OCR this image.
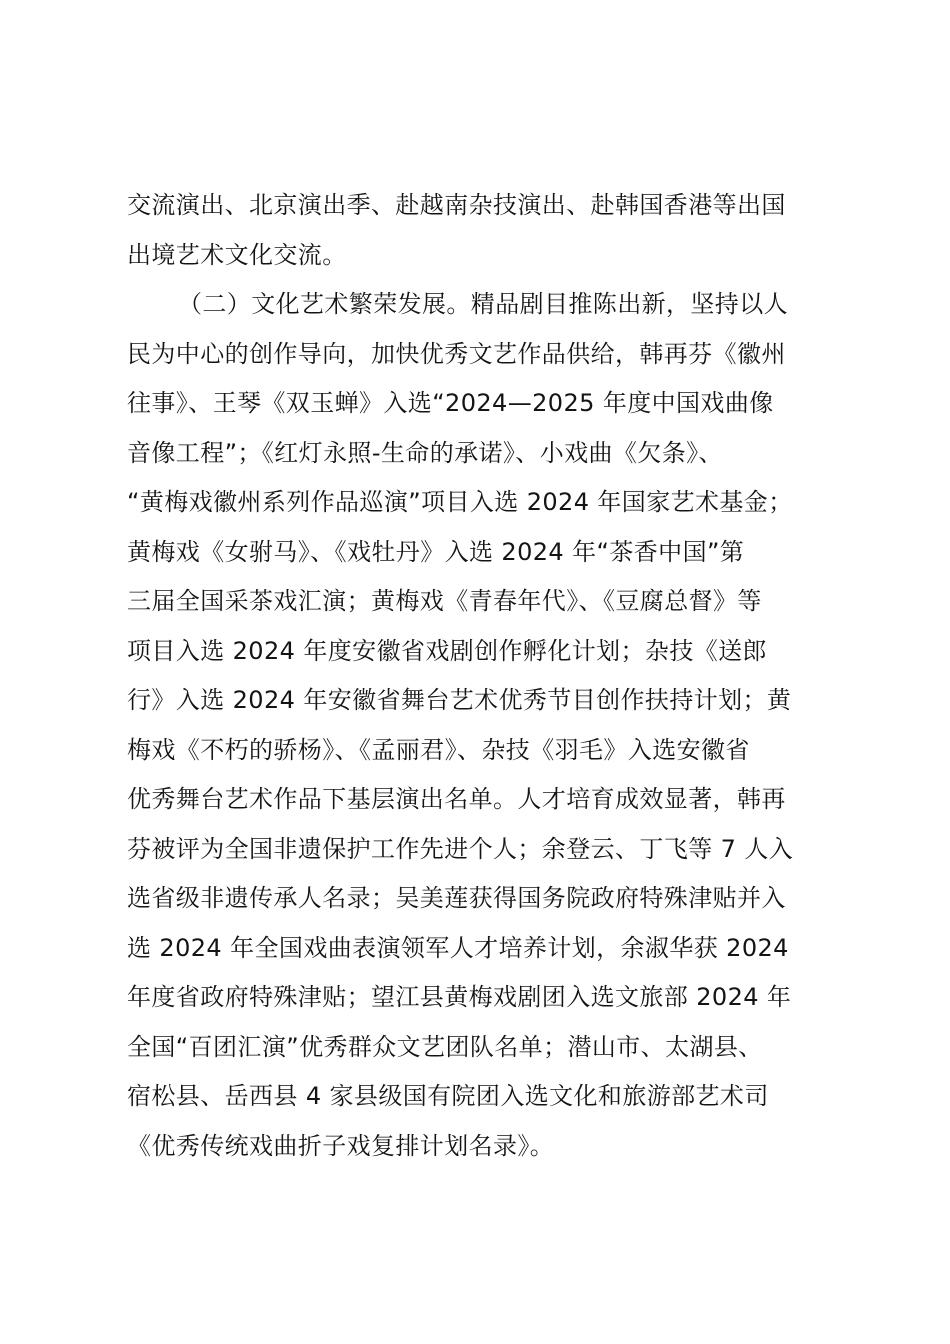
交流演出、北京演出季、赴越南杂技演出、赴韩国香港等出国
出境艺术文化交流。
（二）文化艺术繁荣发展。精品剧目推陈出新，坚持以人
民为中心的创作导向，加快优秀文艺作品供给，韩再芬《徽州
往事》、王琴《双玉蝉》入选“2024—2025 年度中国戏曲像
音像工程”；《红灯永照-生命的承诺》、小戏曲《欠条》、
“黄梅戏徽州系列作品巡演”项目入选 2024 年国家艺术基金；
黄梅戏《女驸马》、《戏牡丹》入选 2024 年“茶香中国”第
三届全国采茶戏汇演；黄梅戏《青春年代》、《豆腐总督》等
项目入选 2024 年度安徽省戏剧创作孵化计划；杂技《送郎
行》入选 2024 年安徽省舞台艺术优秀节目创作扶持计划；黄
梅戏《不朽的骄杨》、《孟丽君》、杂技《羽毛》入选安徽省
优秀舞台艺术作品下基层演出名单。人才培育成效显著，韩再
芬被评为全国非遗保护工作先进个人；余登云、丁飞等 7 人入
选省级非遗传承人名录；吴美莲获得国务院政府特殊津贴并入
选 2024 年全国戏曲表演领军人才培养计划，余淑华获 2024
年度省政府特殊津贴；望江县黄梅戏剧团入选文旅部 2024 年
全国“百团汇演”优秀群众文艺团队名单；潜山市、太湖县、
宿松县、岳西县 4 家县级国有院团入选文化和旅游部艺术司
《优秀传统戏曲折子戏复排计划名录》。
